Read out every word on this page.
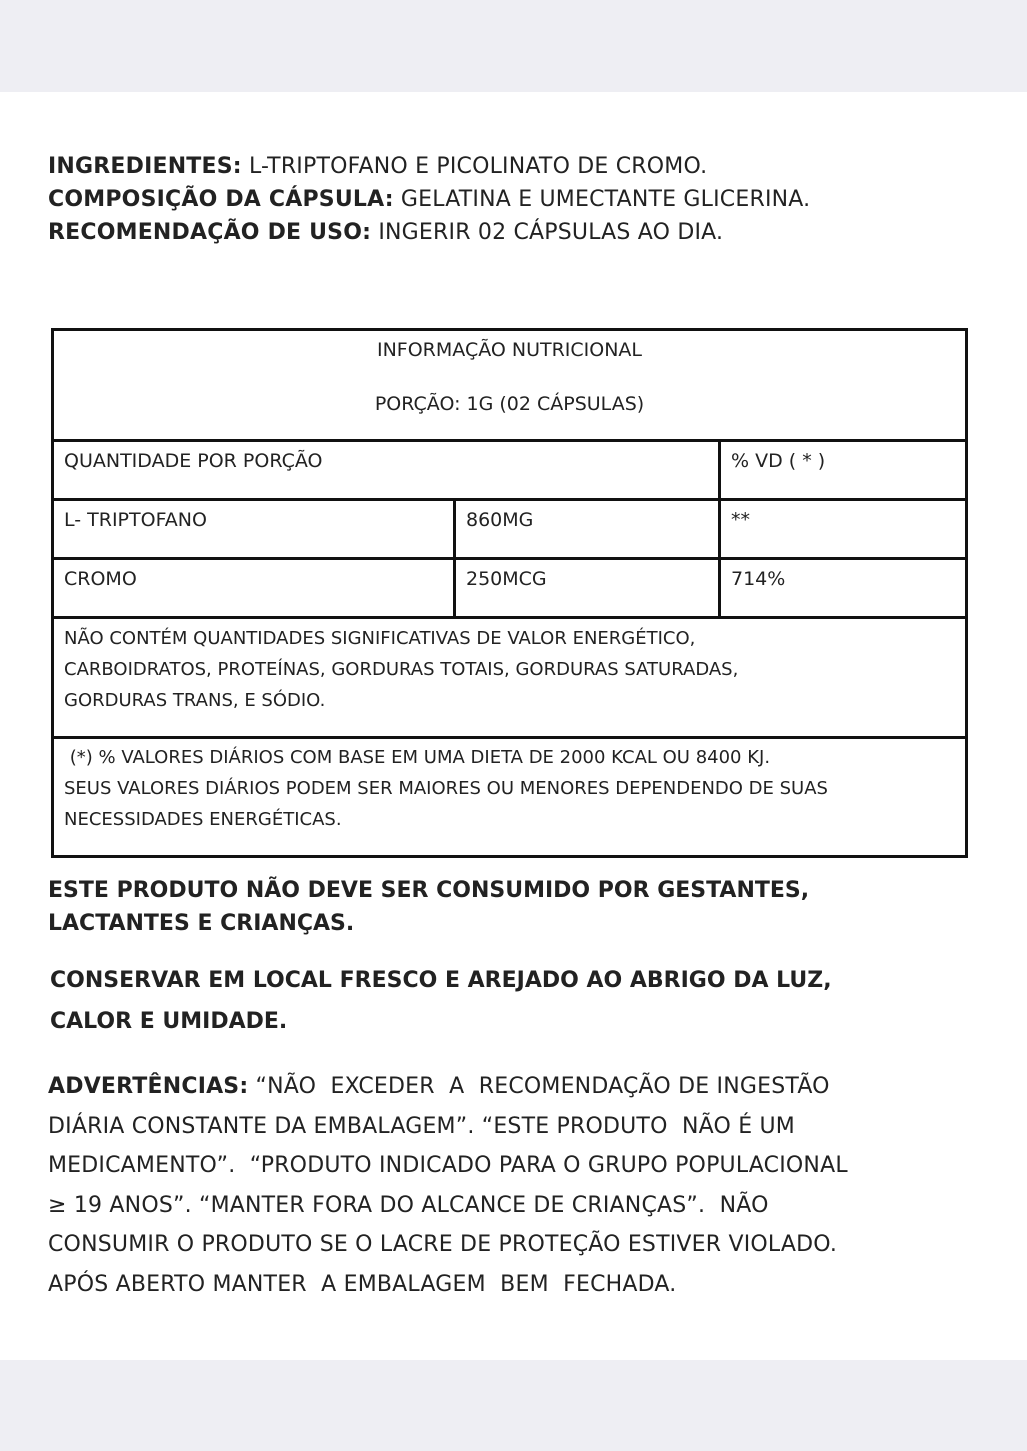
INGREDIENTES: L-TRIPTOFANO E PICOLINATO DE CROMO.
COMPOSIÇÃO DA CÁPSULA: GELATINA E UMECTANTE GLICERINA.
RECOMENDAÇÃO DE USO: INGERIR 02 CÁPSULAS AO DIA.
INFORMAÇÃO NUTRICIONAL
PORÇÃO: 1G (02 CÁPSULAS)		

QUANTIDADE POR PORÇÃO		% VD ( * )
L- TRIPTOFANO	860MG	**
CROMO	250MCG	714%

NÃO CONTÉM QUANTIDADES SIGNIFICATIVAS DE VALOR ENERGÉTICO,
CARBOIDRATOS, PROTEÍNAS, GORDURAS TOTAIS, GORDURAS SATURADAS,
GORDURAS TRANS, E SÓDIO.		

(*) % VALORES DIÁRIOS COM BASE EM UMA DIETA DE 2000 KCAL OU 8400 KJ.
SEUS VALORES DIÁRIOS PODEM SER MAIORES OU MENORES DEPENDENDO DE SUAS
NECESSIDADES ENERGÉTICAS.		
ESTE PRODUTO NÃO DEVE SER CONSUMIDO POR GESTANTES,
LACTANTES E CRIANÇAS.
CONSERVAR EM LOCAL FRESCO E AREJADO AO ABRIGO DA LUZ,
CALOR E UMIDADE.
ADVERTÊNCIAS: “NÃO  EXCEDER  A  RECOMENDAÇÃO DE INGESTÃO
DIÁRIA CONSTANTE DA EMBALAGEM”. “ESTE PRODUTO  NÃO É UM
MEDICAMENTO”.  “PRODUTO INDICADO PARA O GRUPO POPULACIONAL
≥ 19 ANOS”. “MANTER FORA DO ALCANCE DE CRIANÇAS”.  NÃO
CONSUMIR O PRODUTO SE O LACRE DE PROTEÇÃO ESTIVER VIOLADO.
APÓS ABERTO MANTER  A EMBALAGEM  BEM  FECHADA.
